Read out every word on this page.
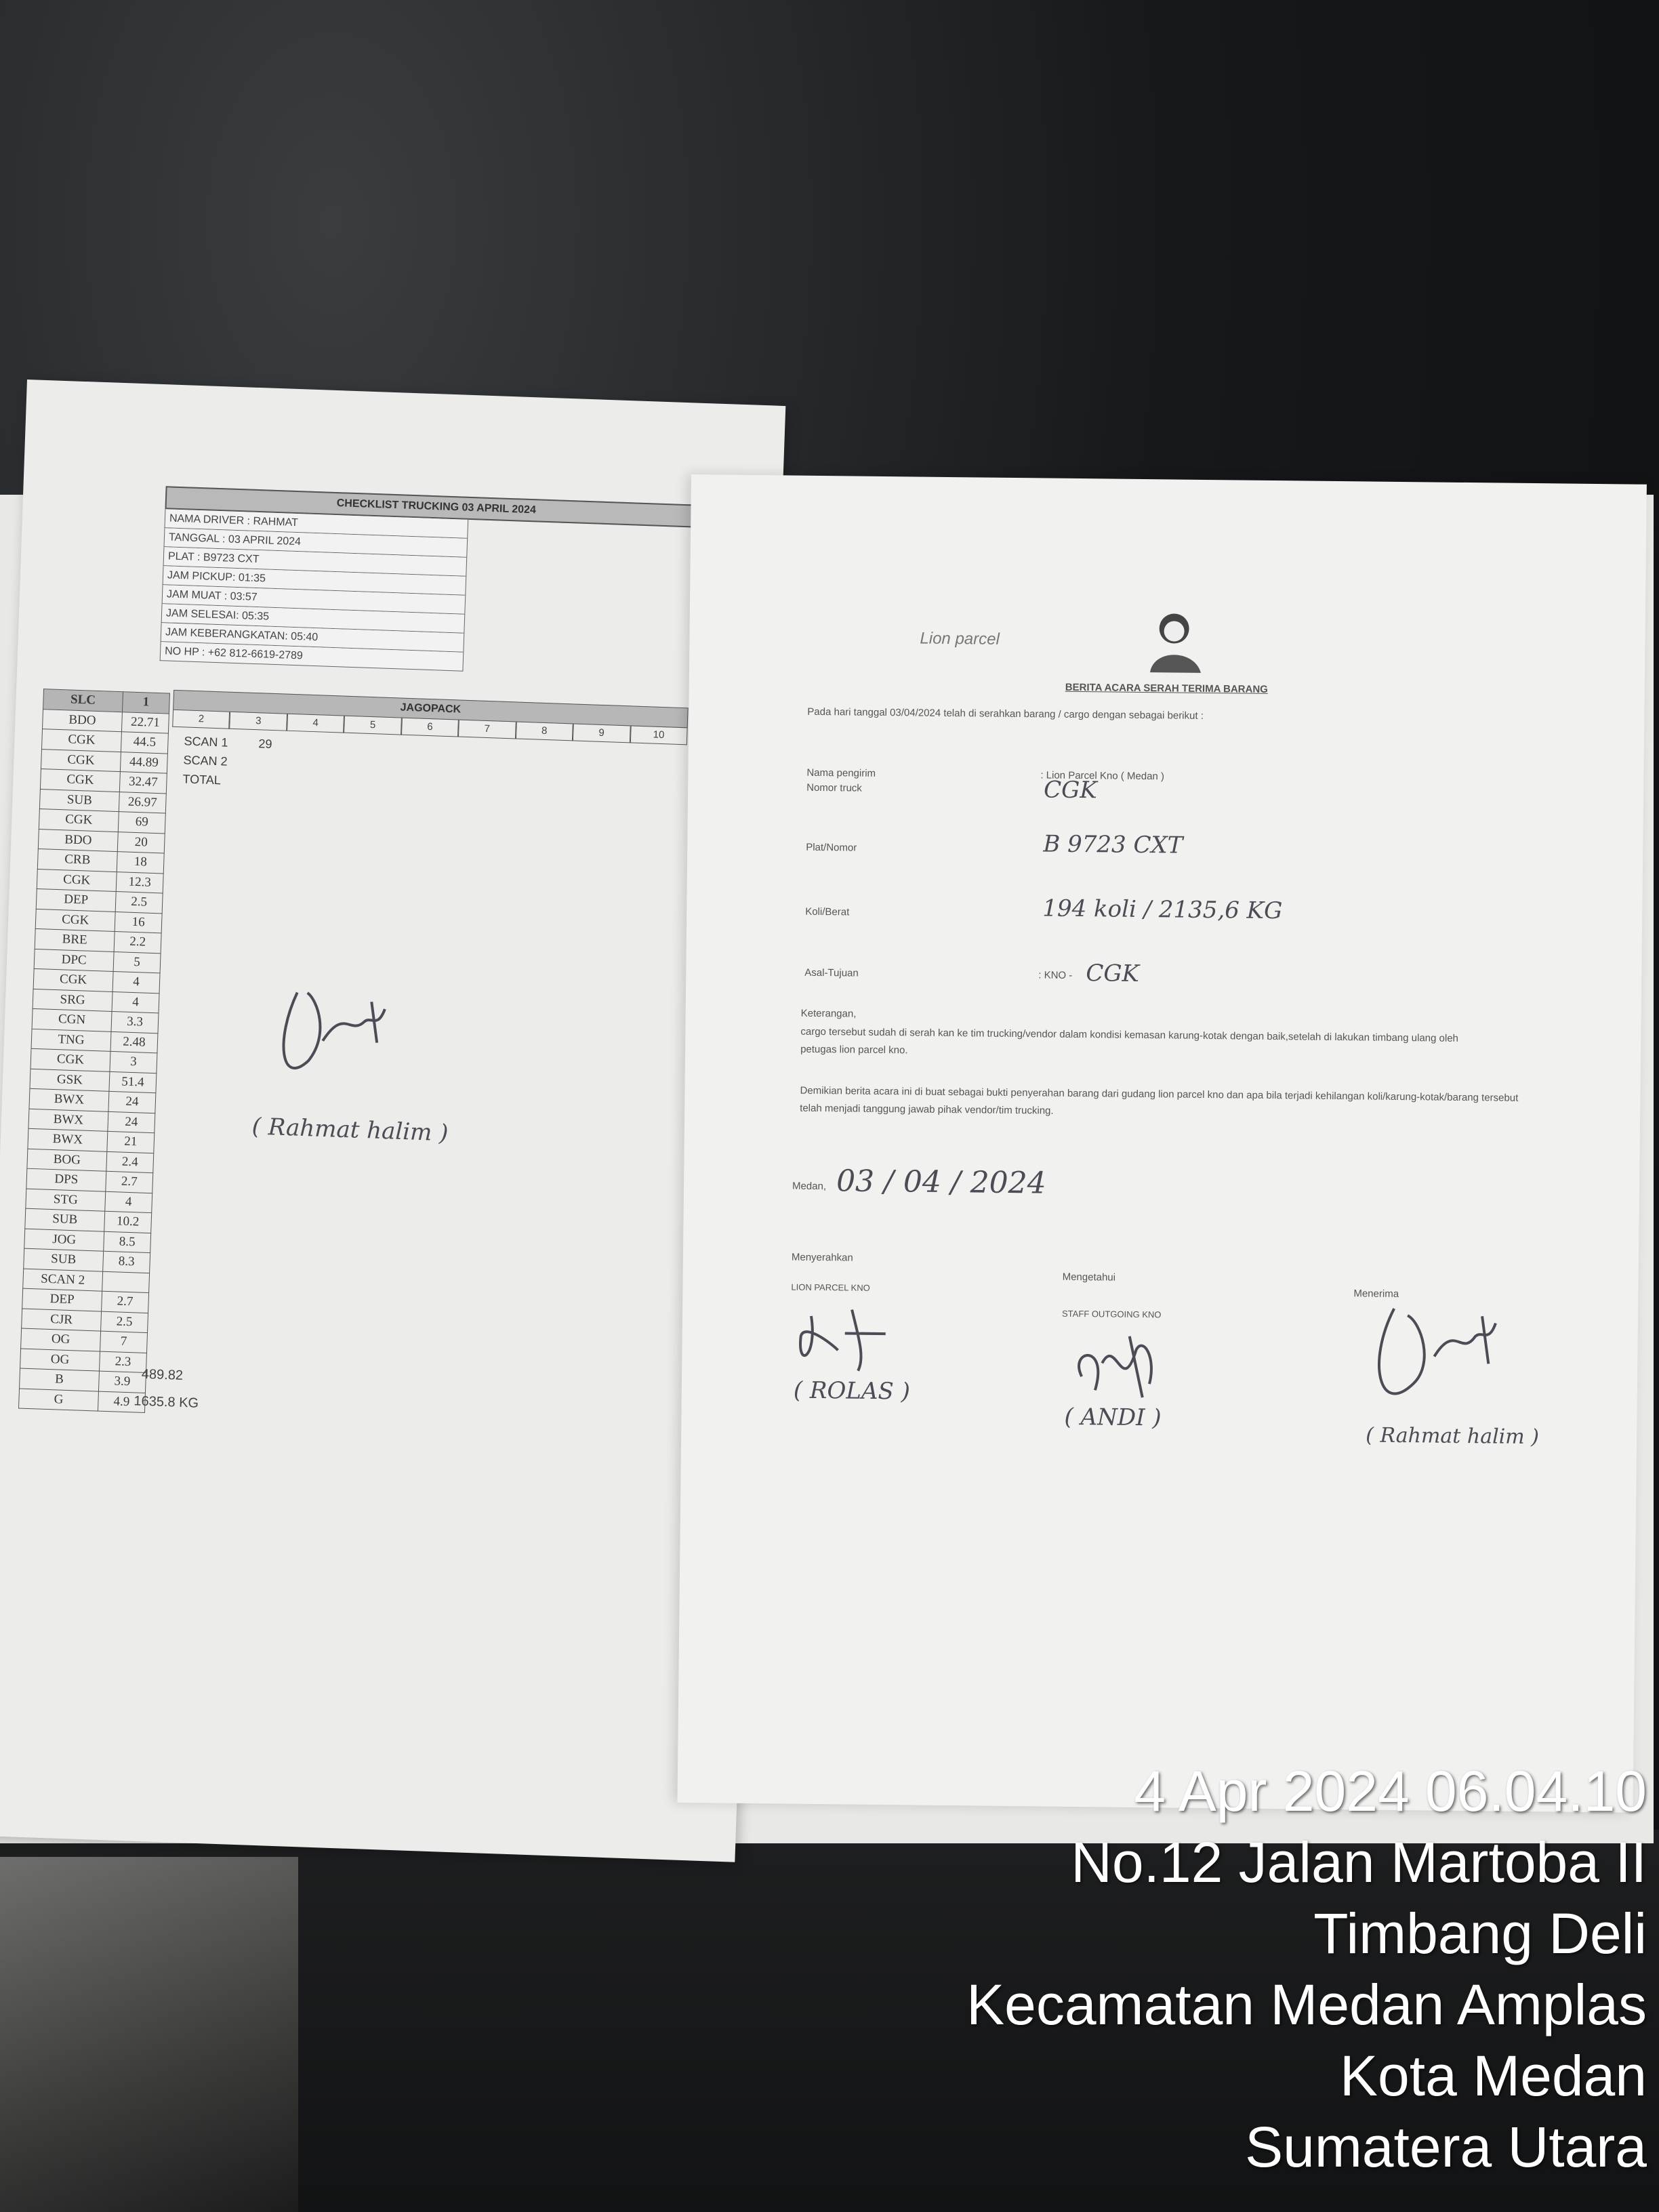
CHECKLIST TRUCKING 03 APRIL 2024
NAMA DRIVER : RAHMAT
TANGGAL : 03 APRIL 2024
PLAT : B9723 CXT
JAM PICKUP: 01:35
JAM MUAT : 03:57
JAM SELESAI: 05:35
JAM KEBERANGKATAN: 05:40
NO HP : +62 812-6619-2789
SLC	1
BDO	22.71
CGK	44.5
CGK	44.89
CGK	32.47
SUB	26.97
CGK	69
BDO	20
CRB	18
CGK	12.3
DEP	2.5
CGK	16
BRE	2.2
DPC	5
CGK	4
SRG	4
CGN	3.3
TNG	2.48
CGK	3
GSK	51.4
BWX	24
BWX	24
BWX	21
BOG	2.4
DPS	2.7
STG	4
SUB	10.2
JOG	8.5
SUB	8.3
SCAN 2	
DEP	2.7
CJR	2.5
OG	7
OG	2.3
B	3.9
G	4.9
JAGOPACK
2	3	4	5	6	7	8	9	10
SCAN 1 29
SCAN 2
TOTAL
489.82
1635.8 KG
( Rahmat halim )
Lion parcel
BERITA ACARA SERAH TERIMA BARANG
Pada hari tanggal 03/04/2024 telah di serahkan barang / cargo dengan sebagai berikut :
Nama pengirim	: Lion Parcel Kno ( Medan )
Nomor truck	CGK
Plat/Nomor	B 9723 CXT
Koli/Berat	194 koli / 2135,6 KG
Asal-Tujuan	: KNO - CGK
Keterangan,
cargo tersebut sudah di serah kan ke tim trucking/vendor dalam kondisi kemasan karung-kotak dengan baik,setelah di lakukan timbang ulang oleh petugas lion parcel kno.
Demikian berita acara ini di buat sebagai bukti penyerahan barang dari gudang lion parcel kno dan apa bila terjadi kehilangan koli/karung-kotak/barang tersebut telah menjadi tanggung jawab pihak vendor/tim trucking.
Medan, 03 / 04 / 2024
Menyerahkan
LION PARCEL KNO
( ROLAS )
Mengetahui
STAFF OUTGOING KNO
( ANDI )
Menerima
( Rahmat halim )
4 Apr 2024 06.04.10
No.12 Jalan Martoba II
Timbang Deli
Kecamatan Medan Amplas
Kota Medan
Sumatera Utara
